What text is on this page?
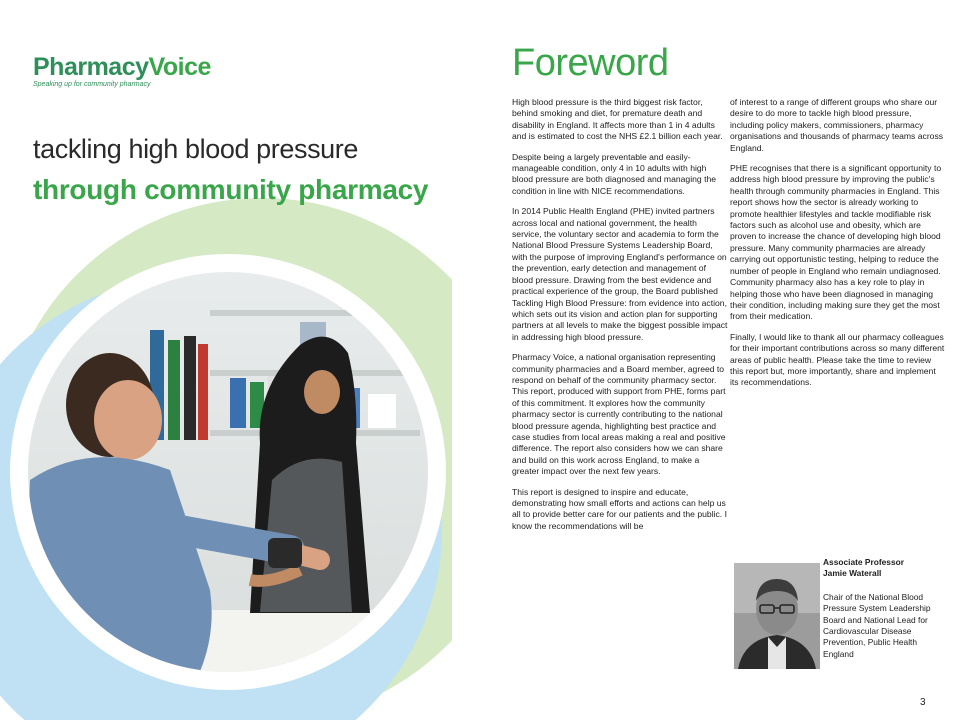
PharmacyVoice
Speaking up for community pharmacy
tackling high blood pressure
through community pharmacy
Foreword

High blood pressure is the third biggest risk factor, behind smoking and diet, for premature death and disability in England. It affects more than 1 in 4 adults and is estimated to cost the NHS £2.1 billion each year.

Despite being a largely preventable and easily-manageable condition, only 4 in 10 adults with high blood pressure are both diagnosed and managing the condition in line with NICE recommendations.

In 2014 Public Health England (PHE) invited partners across local and national government, the health service, the voluntary sector and academia to form the National Blood Pressure Systems Leadership Board, with the purpose of improving England's performance on the prevention, early detection and management of blood pressure. Drawing from the best evidence and practical experience of the group, the Board published Tackling High Blood Pressure: from evidence into action, which sets out its vision and action plan for supporting partners at all levels to make the biggest possible impact in addressing high blood pressure.

Pharmacy Voice, a national organisation representing community pharmacies and a Board member, agreed to respond on behalf of the community pharmacy sector. This report, produced with support from PHE, forms part of this commitment. It explores how the community pharmacy sector is currently contributing to the national blood pressure agenda, highlighting best practice and case studies from local areas making a real and positive difference. The report also considers how we can share and build on this work across England, to make a greater impact over the next few years.

This report is designed to inspire and educate, demonstrating how small efforts and actions can help us all to provide better care for our patients and the public. I know the recommendations will be

of interest to a range of different groups who share our desire to do more to tackle high blood pressure, including policy makers, commissioners, pharmacy organisations and thousands of pharmacy teams across England.

PHE recognises that there is a significant opportunity to address high blood pressure by improving the public's health through community pharmacies in England. This report shows how the sector is already working to promote healthier lifestyles and tackle modifiable risk factors such as alcohol use and obesity, which are proven to increase the chance of developing high blood pressure. Many community pharmacies are already carrying out opportunistic testing, helping to reduce the number of people in England who remain undiagnosed. Community pharmacy also has a key role to play in helping those who have been diagnosed in managing their condition, including making sure they get the most from their medication.

Finally, I would like to thank all our pharmacy colleagues for their important contributions across so many different areas of public health. Please take the time to review this report but, more importantly, share and implement its recommendations.

Associate Professor
Jamie Waterall

Chair of the National Blood Pressure System Leadership Board and National Lead for Cardiovascular Disease Prevention, Public Health England

3
